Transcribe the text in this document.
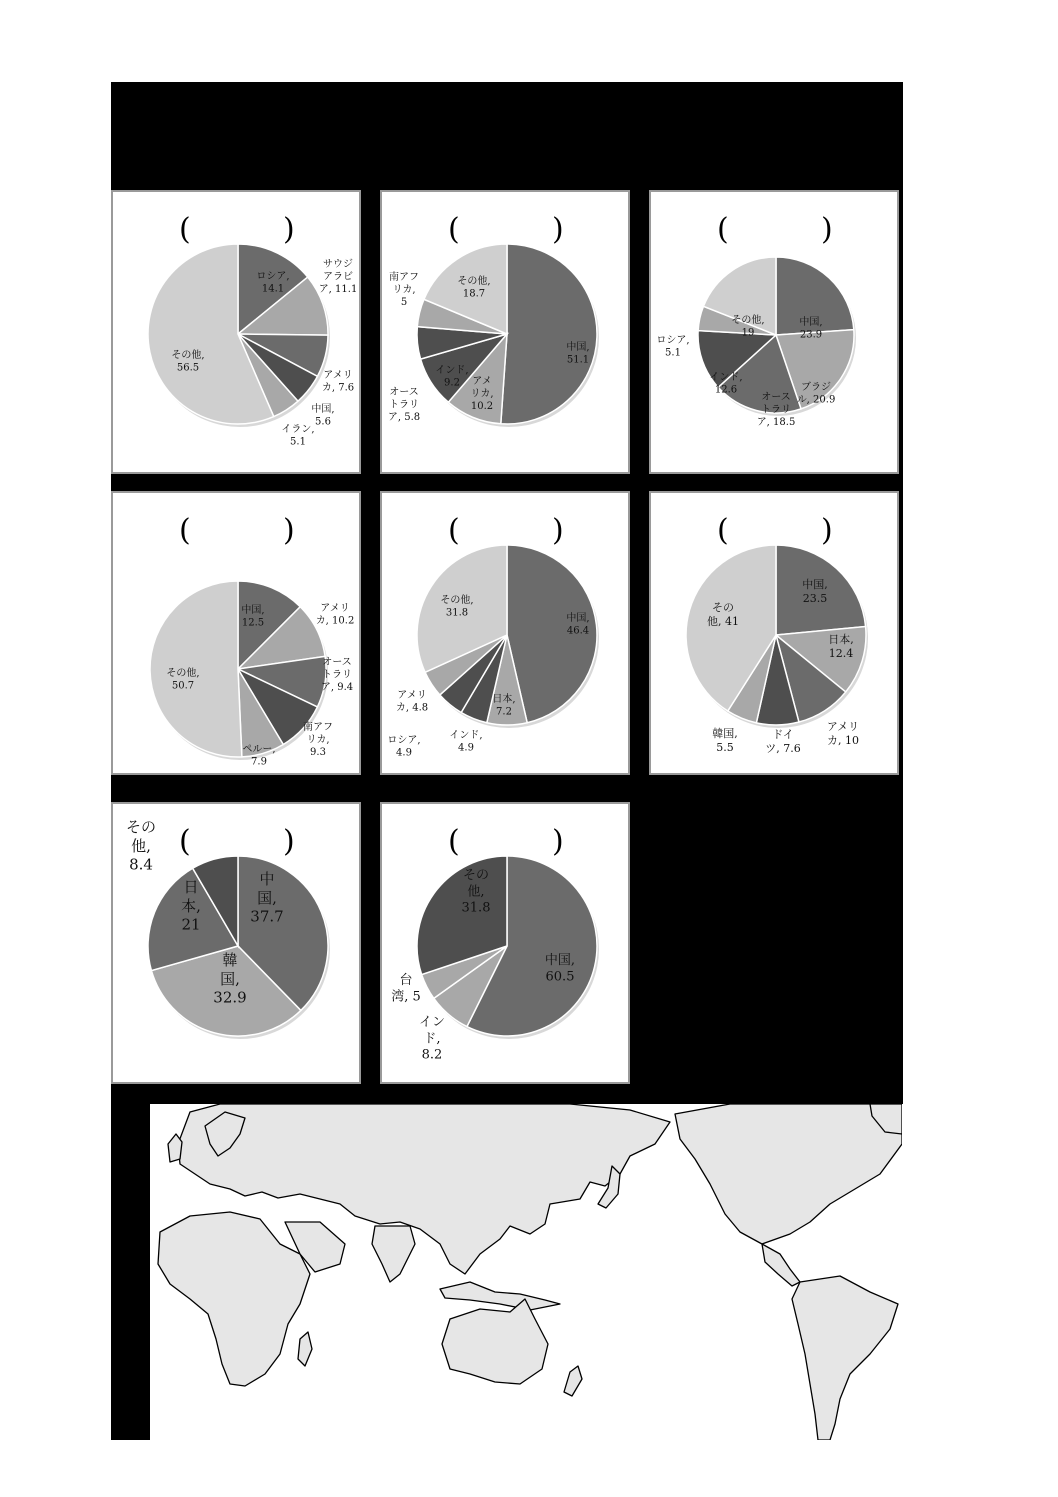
ロシア, 14.1
サウジアラビア, 11.1
アメリカ, 7.6
中国, 5.6
イラン, 5.1
その他, 56.5
(	)
中国, 51.1
アメリカ, 10.2
インド, 9.2
オーストラリア, 5.8
南アフリカ, 5
その他, 18.7
(	)
中国, 23.9
ブラジル, 20.9
オーストラリア, 18.5
インド, 12.6
ロシア, 5.1
その他, 19
(	)
中国, 12.5
アメリカ, 10.2
オーストラリア, 9.4
南アフリカ, 9.3
ペルー, 7.9
その他, 50.7
(	)
中国, 46.4
日本, 7.2
インド, 4.9
ロシア, 4.9
アメリカ, 4.8
その他, 31.8
(	)
中国, 23.5
日本, 12.4
アメリカ, 10
ドイツ, 7.6
韓国, 5.5
その他, 41
(	)
中国, 37.7
韓国, 32.9
日本, 21
その他, 8.4
(	)
中国, 60.5
インド, 8.2
台湾, 5
その他, 31.8
(	)
